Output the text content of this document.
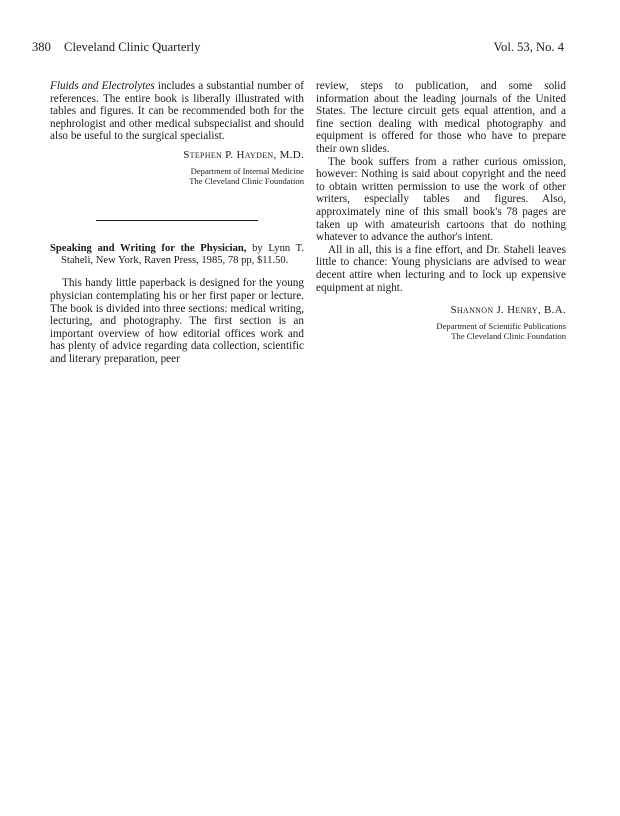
380 Cleveland Clinic Quarterly	Vol. 53, No. 4

Fluids and Electrolytes includes a substantial number of references. The entire book is liberally illustrated with tables and figures. It can be recommended both for the nephrologist and other medical subspecialist and should also be useful to the surgical specialist.

Stephen P. Hayden, M.D.
Department of Internal Medicine
The Cleveland Clinic Foundation

Speaking and Writing for the Physician, by Lynn T. Staheli, New York, Raven Press, 1985, 78 pp, $11.50.

This handy little paperback is designed for the young physician contemplating his or her first paper or lecture. The book is divided into three sections: medical writing, lecturing, and photography. The first section is an important overview of how editorial offices work and has plenty of advice regarding data collection, scientific and literary preparation, peer

review, steps to publication, and some solid information about the leading journals of the United States. The lecture circuit gets equal attention, and a fine section dealing with medical photography and equipment is offered for those who have to prepare their own slides.

The book suffers from a rather curious omission, however: Nothing is said about copyright and the need to obtain written permission to use the work of other writers, especially tables and figures. Also, approximately nine of this small book's 78 pages are taken up with amateurish cartoons that do nothing whatever to advance the author's intent.

All in all, this is a fine effort, and Dr. Staheli leaves little to chance: Young physicians are advised to wear decent attire when lecturing and to lock up expensive equipment at night.

Shannon J. Henry, B.A.
Department of Scientific Publications
The Cleveland Clinic Foundation
